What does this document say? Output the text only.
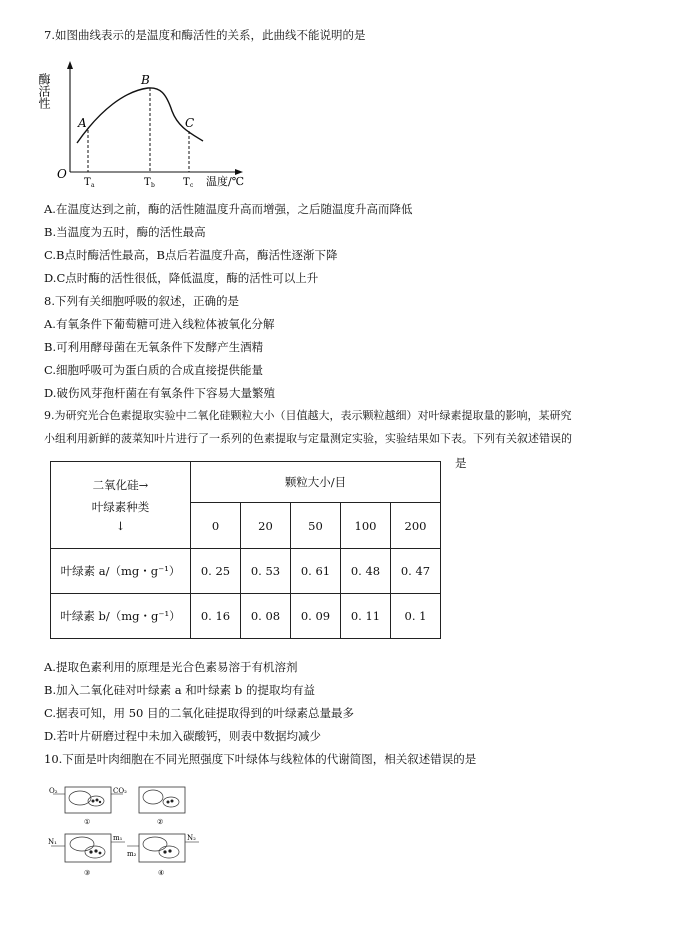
7.如图曲线表示的是温度和酶活性的关系，此曲线不能说明的是
酶活性
O
A
B
C
T a	T b	T c 温度/℃
A.在温度达到之前，酶的活性随温度升高而增强，之后随温度升高而降低
B.当温度为五时，酶的活性最高
C.B点时酶活性最高，B点后若温度升高，酶活性逐渐下降
D.C点时酶的活性很低，降低温度，酶的活性可以上升
8.下列有关细胞呼吸的叙述，正确的是
A.有氧条件下葡萄糖可进入线粒体被氧化分解
B.可利用酵母菌在无氧条件下发酵产生酒精
C.细胞呼吸可为蛋白质的合成直接提供能量
D.破伤风芽孢杆菌在有氧条件下容易大量繁殖
9.为研究光合色素提取实验中二氧化硅颗粒大小（目值越大，表示颗粒越细）对叶绿素提取量的影响，某研究
小组利用新鲜的菠菜知叶片进行了一系列的色素提取与定量测定实验，实验结果如下表。下列有关叙述错误的
是
二氧化硅→
叶绿素种类
↓	颗粒大小/目				
	0	20	50	100	200
叶绿素 a/（mg・g⁻¹）	0. 25	0. 53	0. 61	0. 48	0. 47
叶绿素 b/（mg・g⁻¹）	0. 16	0. 08	0. 09	0. 11	0. 1
A.提取色素利用的原理是光合色素易溶于有机溶剂
B.加入二氧化硅对叶绿素 a 和叶绿素 b 的提取均有益
C.据表可知，用 50 目的二氧化硅提取得到的叶绿素总量最多
D.若叶片研磨过程中未加入碳酸钙，则表中数据均减少
10.下面是叶肉细胞在不同光照强度下叶绿体与线粒体的代谢简图，相关叙述错误的是
O₂	CO₂
①	②
N₁	m₁
③
N₂
m₂
④
